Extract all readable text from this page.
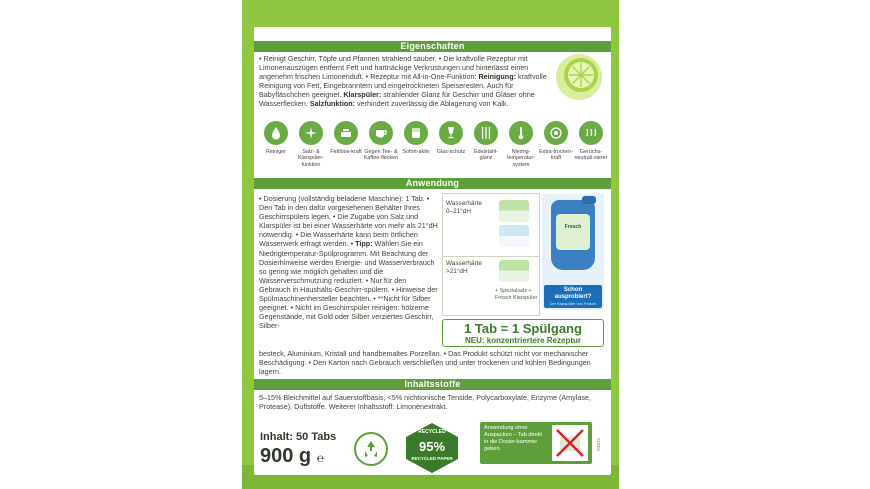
Eigenschaften
• Reinigt Geschirr, Töpfe und Pfannen strahlend sauber. • Die kraftvolle Rezeptur mit Limonenauszügen entfernt Fett und hartnäckige Verkrustungen und hinterlässt einen angenehm frischen Limonenduft. • Rezeptur mit All-in-One-Funktion: Reinigung: kraftvolle Reinigung von Fett, Eingebranntem und eingetrockneten Speiseresten. Auch für Babyfläschchen geeignet. Klarspüler: strahlender Glanz für Geschirr und Gläser ohne Wasserflecken. Salzfunktion: verhindert zuverlässig die Ablagerung von Kalk.
Reiniger	Salz- & Klarspüler-funktion
Fettlöse-kraft Gegen Tee- & Kaffee-flecken
Sofort-aktiv	Glas-schutz	Edelstahl-glanz
Niedrig-temperatur-system
Extra-trocken-kraft
Geruchs-neutrali-sierer
Anwendung
• Dosierung (vollständig beladene Maschine): 1 Tab. • Den Tab in den dafür vorgesehenen Behälter Ihres Geschirrspülers legen. • Die Zugabe von Salz und Klarspüler ist bei einer Wasserhärte von mehr als 21°dH notwendig. • Die Wasserhärte kann beim örtlichen Wasserwerk erfragt werden. • Tipp: Wählen Sie ein Niedrigtemperatur-Spülprogramm. Mit Beachtung der Dosierhinweise werden Energie- und Wasserverbrauch so gering wie möglich gehalten und die Wasserverschmutzung reduziert. • Nur für den Gebrauch in Haushalts-Geschirr-spülern. • Hinweise der Spülmaschinenhersteller beachten. • **Nicht für Silber geeignet. • Nicht im Geschirrspüler reinigen: hölzerne Gegenstände, mit Gold oder Silber verziertes Geschirr, Silber-
besteck, Aluminium, Kristall und handbemaltes Porzellan. • Das Produkt schützt nicht vor mechanischer Beschädigung. • Den Karton nach Gebrauch verschließen und unter trockenen und kühlen Bedingungen lagern.
Wasserhärte 0–21°dH
Wasserhärte >21°dH
+ Spezialsalz + Frosch Klarspüler
Frosch
Schon ausprobiert?
Der Klarspüler von Frosch
1 Tab = 1 Spülgang
NEU: konzentriertere Rezeptur
Inhaltsstoffe
5–15% Bleichmittel auf Sauerstoffbasis, <5% nichtionische Tenside, Polycarboxylate, Enzyme (Amylase, Protease), Duftstoffe. Weiterer Inhaltsstoff: Limonenextrakt.
Inhalt: 50 Tabs
900 g ℮
RECYCLED
95%
RECYCLED PAPER
Anwendung ohne Auspacken – Tab direkt in die Dosier-kammer geben.	V4822
